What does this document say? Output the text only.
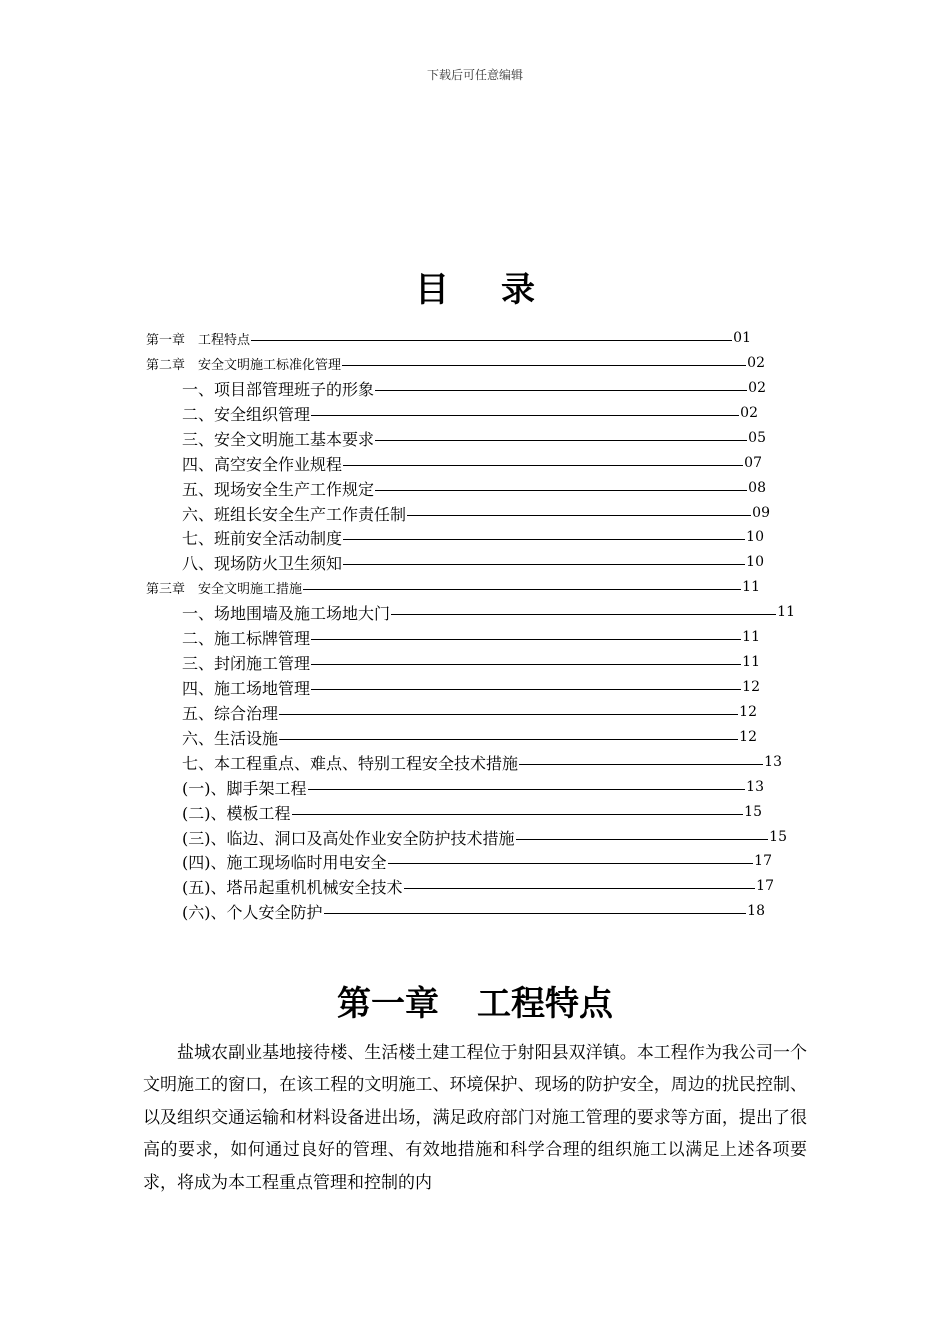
下载后可任意编辑
目录
第一章　工程特点	01
第二章　安全文明施工标准化管理	02
一、项目部管理班子的形象	02
二、安全组织管理	02
三、安全文明施工基本要求	05
四、高空安全作业规程	07
五、现场安全生产工作规定	08
六、班组长安全生产工作责任制	09
七、班前安全活动制度	10
八、现场防火卫生须知	10
第三章　安全文明施工措施	11
一、场地围墙及施工场地大门	11
二、施工标牌管理	11
三、封闭施工管理	11
四、施工场地管理	12
五、综合治理	12
六、生活设施	12
七、本工程重点、难点、特别工程安全技术措施	13
(一)、脚手架工程	13
(二)、模板工程	15
(三)、临边、洞口及高处作业安全防护技术措施	15
(四)、施工现场临时用电安全	17
(五)、塔吊起重机机械安全技术	17
(六)、个人安全防护	18
第一章 工程特点

盐城农副业基地接待楼、生活楼土建工程位于射阳县双洋镇。本工程作为我公司一个文明施工的窗口，在该工程的文明施工、环境保护、现场的防护安全，周边的扰民控制、以及组织交通运输和材料设备进出场，满足政府部门对施工管理的要求等方面，提出了很高的要求，如何通过良好的管理、有效地措施和科学合理的组织施工以满足上述各项要求，将成为本工程重点管理和控制的内
